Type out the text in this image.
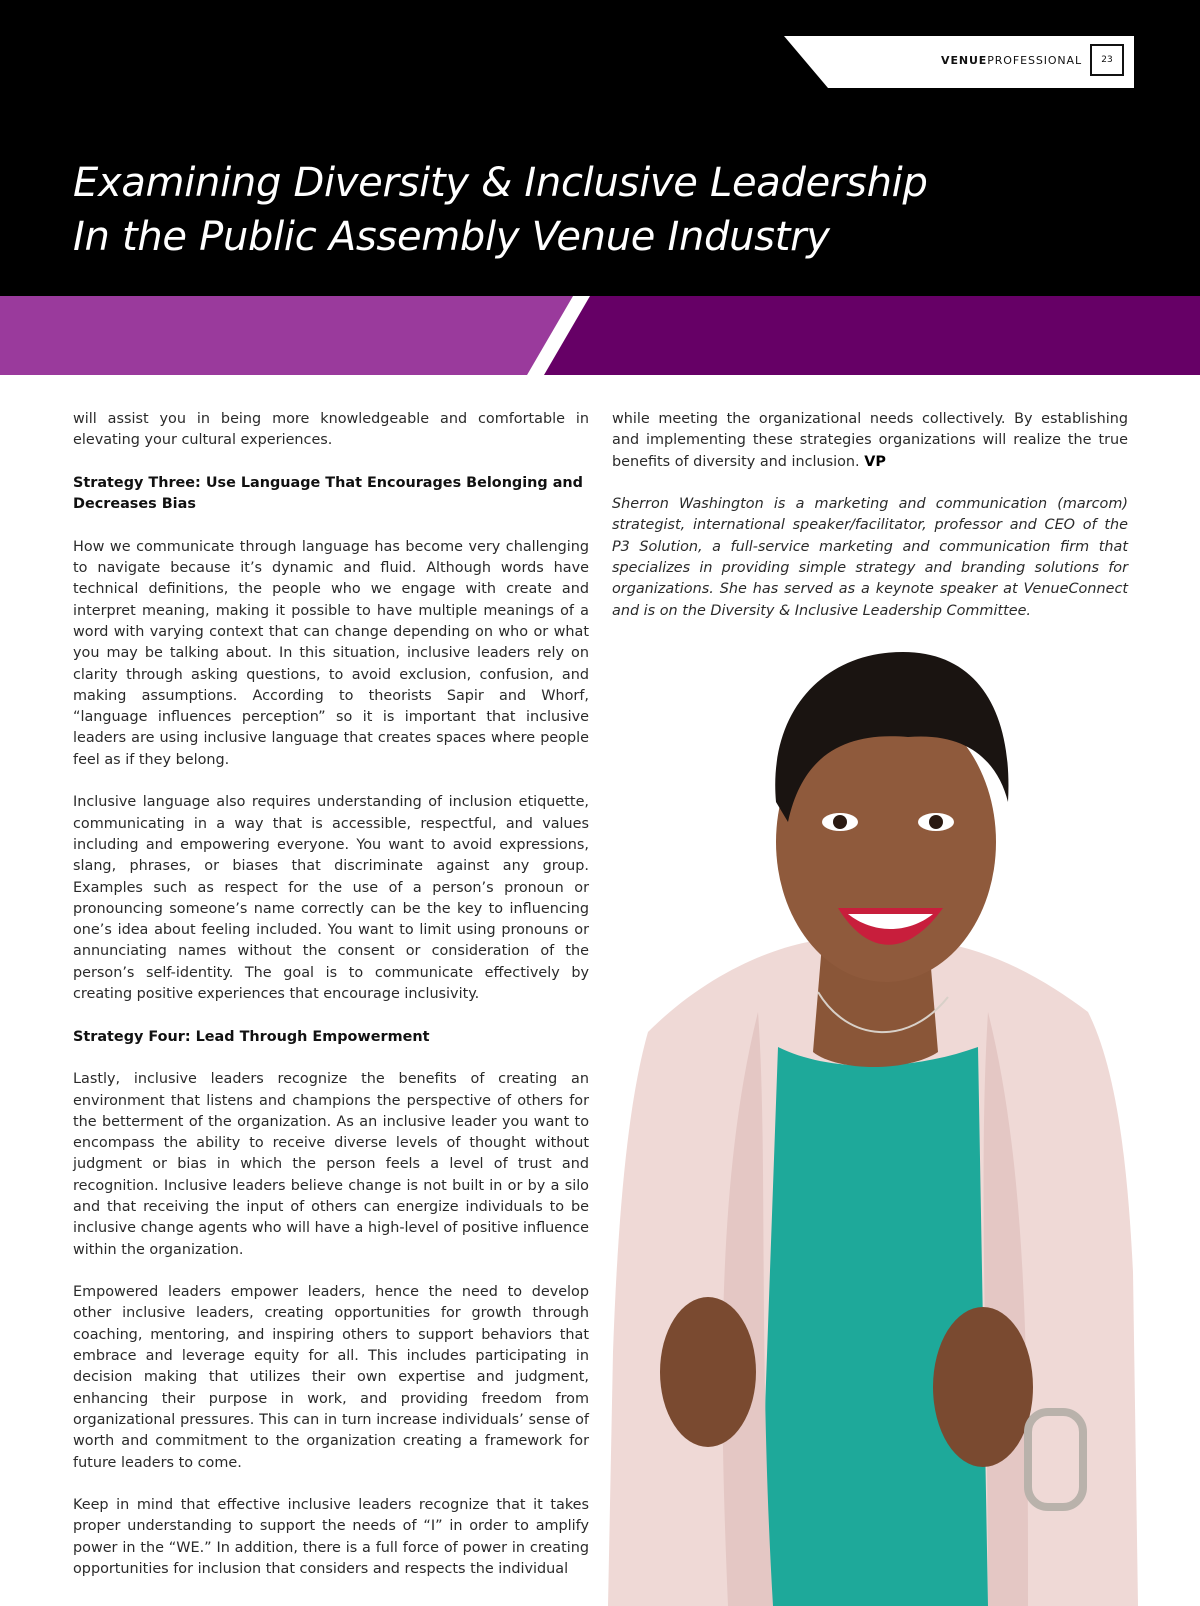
VENUEPROFESSIONAL	23
Examining Diversity & Inclusive Leadership
In the Public Assembly Venue Industry

will assist you in being more knowledgeable and comfortable in elevating your cultural experiences.

Strategy Three: Use Language That Encourages Belonging and Decreases Bias

How we communicate through language has become very challenging to navigate because it’s dynamic and fluid. Although words have technical definitions, the people who we engage with create and interpret meaning, making it possible to have multiple meanings of a word with varying context that can change depending on who or what you may be talking about. In this situation, inclusive leaders rely on clarity through asking questions, to avoid exclusion, confusion, and making assumptions. According to theorists Sapir and Whorf, “language influences perception” so it is important that inclusive leaders are using inclusive language that creates spaces where people feel as if they belong.

Inclusive language also requires understanding of inclusion etiquette, communicating in a way that is accessible, respectful, and values including and empowering everyone. You want to avoid expressions, slang, phrases, or biases that discriminate against any group. Examples such as respect for the use of a person’s pronoun or pronouncing someone’s name correctly can be the key to influencing one’s idea about feeling included. You want to limit using pronouns or annunciating names without the consent or consideration of the person’s self-identity. The goal is to communicate effectively by creating positive experiences that encourage inclusivity.

Strategy Four: Lead Through Empowerment

Lastly, inclusive leaders recognize the benefits of creating an environment that listens and champions the perspective of others for the betterment of the organization. As an inclusive leader you want to encompass the ability to receive diverse levels of thought without judgment or bias in which the person feels a level of trust and recognition. Inclusive leaders believe change is not built in or by a silo and that receiving the input of others can energize individuals to be inclusive change agents who will have a high-level of positive influence within the organization.

Empowered leaders empower leaders, hence the need to develop other inclusive leaders, creating opportunities for growth through coaching, mentoring, and inspiring others to support behaviors that embrace and leverage equity for all. This includes participating in decision making that utilizes their own expertise and judgment, enhancing their purpose in work, and providing freedom from organizational pressures. This can in turn increase individuals’ sense of worth and commitment to the organization creating a framework for future leaders to come.

Keep in mind that effective inclusive leaders recognize that it takes proper understanding to support the needs of “I” in order to amplify power in the “WE.” In addition, there is a full force of power in creating opportunities for inclusion that considers and respects the individual

while meeting the organizational needs collectively. By establishing and implementing these strategies organizations will realize the true benefits of diversity and inclusion. VP

Sherron Washington is a marketing and communication (marcom) strategist, international speaker/facilitator, professor and CEO of the P3 Solution, a full-service marketing and communication firm that specializes in providing simple strategy and branding solutions for organizations. She has served as a keynote speaker at VenueConnect and is on the Diversity & Inclusive Leadership Committee.
